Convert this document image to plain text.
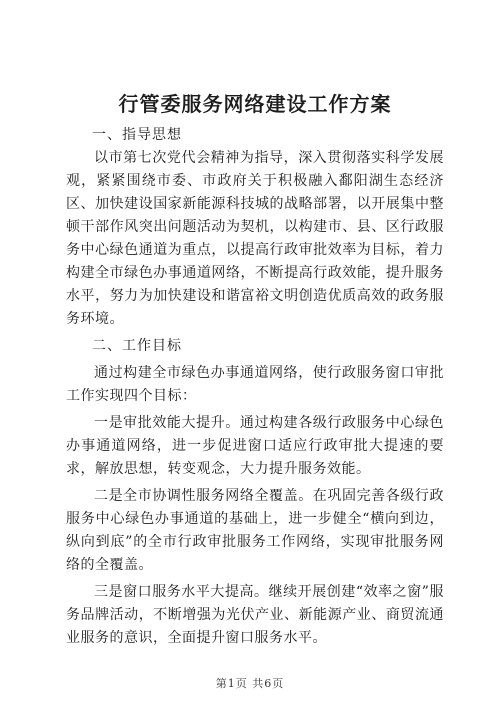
行管委服务网络建设工作方案

一、指导思想

以市第七次党代会精神为指导，深入贯彻落实科学发展观，紧紧围绕市委、市政府关于积极融入鄱阳湖生态经济区、加快建设国家新能源科技城的战略部署，以开展集中整顿干部作风突出问题活动为契机，以构建市、县、区行政服务中心绿色通道为重点，以提高行政审批效率为目标，着力构建全市绿色办事通道网络，不断提高行政效能，提升服务水平，努力为加快建设和谐富裕文明创造优质高效的政务服务环境。

二、工作目标

通过构建全市绿色办事通道网络，使行政服务窗口审批工作实现四个目标：

一是审批效能大提升。通过构建各级行政服务中心绿色办事通道网络，进一步促进窗口适应行政审批大提速的要求，解放思想，转变观念，大力提升服务效能。

二是全市协调性服务网络全覆盖。在巩固完善各级行政服务中心绿色办事通道的基础上，进一步健全“横向到边，纵向到底”的全市行政审批服务工作网络，实现审批服务网络的全覆盖。

三是窗口服务水平大提高。继续开展创建“效率之窗”服务品牌活动，不断增强为光伏产业、新能源产业、商贸流通业服务的意识，全面提升窗口服务水平。

第1页 共6页
